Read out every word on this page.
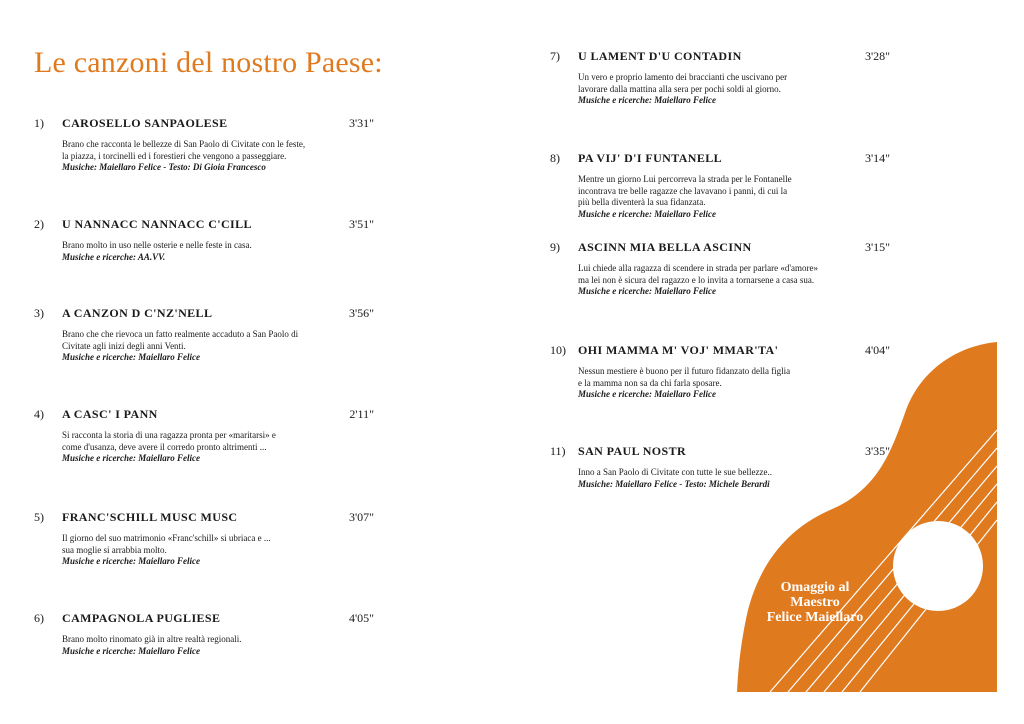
Le canzoni del nostro Paese:
Omaggio al
Maestro
Felice Maiellaro
1) CAROSELLO SANPAOLESE	3'31"
Brano che racconta le bellezze di San Paolo di Civitate con le feste,
la piazza, i torcinelli ed i forestieri che vengono a passeggiare.
Musiche: Maiellaro Felice - Testo: Di Gioia Francesco
2) U NANNACC NANNACC C'CILL	3'51"
Brano molto in uso nelle osterie e nelle feste in casa.
Musiche e ricerche: AA.VV.
3) A CANZON D C'NZ'NELL	3'56"
Brano che che rievoca un fatto realmente accaduto a San Paolo di
Civitate agli inizi degli anni Venti.
Musiche e ricerche: Maiellaro Felice
4) A CASC' I PANN	2'11"
Si racconta la storia di una ragazza pronta per «maritarsi» e
come d'usanza, deve avere il corredo pronto altrimenti ...
Musiche e ricerche: Maiellaro Felice
5) FRANC'SCHILL MUSC MUSC	3'07"
Il giorno del suo matrimonio «Franc'schill» si ubriaca e ...
sua moglie si arrabbia molto.
Musiche e ricerche: Maiellaro Felice
6) CAMPAGNOLA PUGLIESE	4'05"
Brano molto rinomato già in altre realtà regionali.
Musiche e ricerche: Maiellaro Felice
7) U LAMENT D'U CONTADIN	3'28"
Un vero e proprio lamento dei braccianti che uscivano per
lavorare dalla mattina alla sera per pochi soldi al giorno.
Musiche e ricerche: Maiellaro Felice
8) PA VIJ' D'I FUNTANELL	3'14"
Mentre un giorno Lui percorreva la strada per le Fontanelle
incontrava tre belle ragazze che lavavano i panni, di cui la
più bella diventerà la sua fidanzata.
Musiche e ricerche: Maiellaro Felice
9) ASCINN MIA BELLA ASCINN	3'15"
Lui chiede alla ragazza di scendere in strada per parlare «d'amore»
ma lei non è sicura del ragazzo e lo invita a tornarsene a casa sua.
Musiche e ricerche: Maiellaro Felice
10) OHI MAMMA M' VOJ' MMAR'TA'	4'04"
Nessun mestiere è buono per il futuro fidanzato della figlia
e la mamma non sa da chi farla sposare.
Musiche e ricerche: Maiellaro Felice
11) SAN PAUL NOSTR	3'35"
Inno a San Paolo di Civitate con tutte le sue bellezze..
Musiche: Maiellaro Felice - Testo: Michele Berardi
